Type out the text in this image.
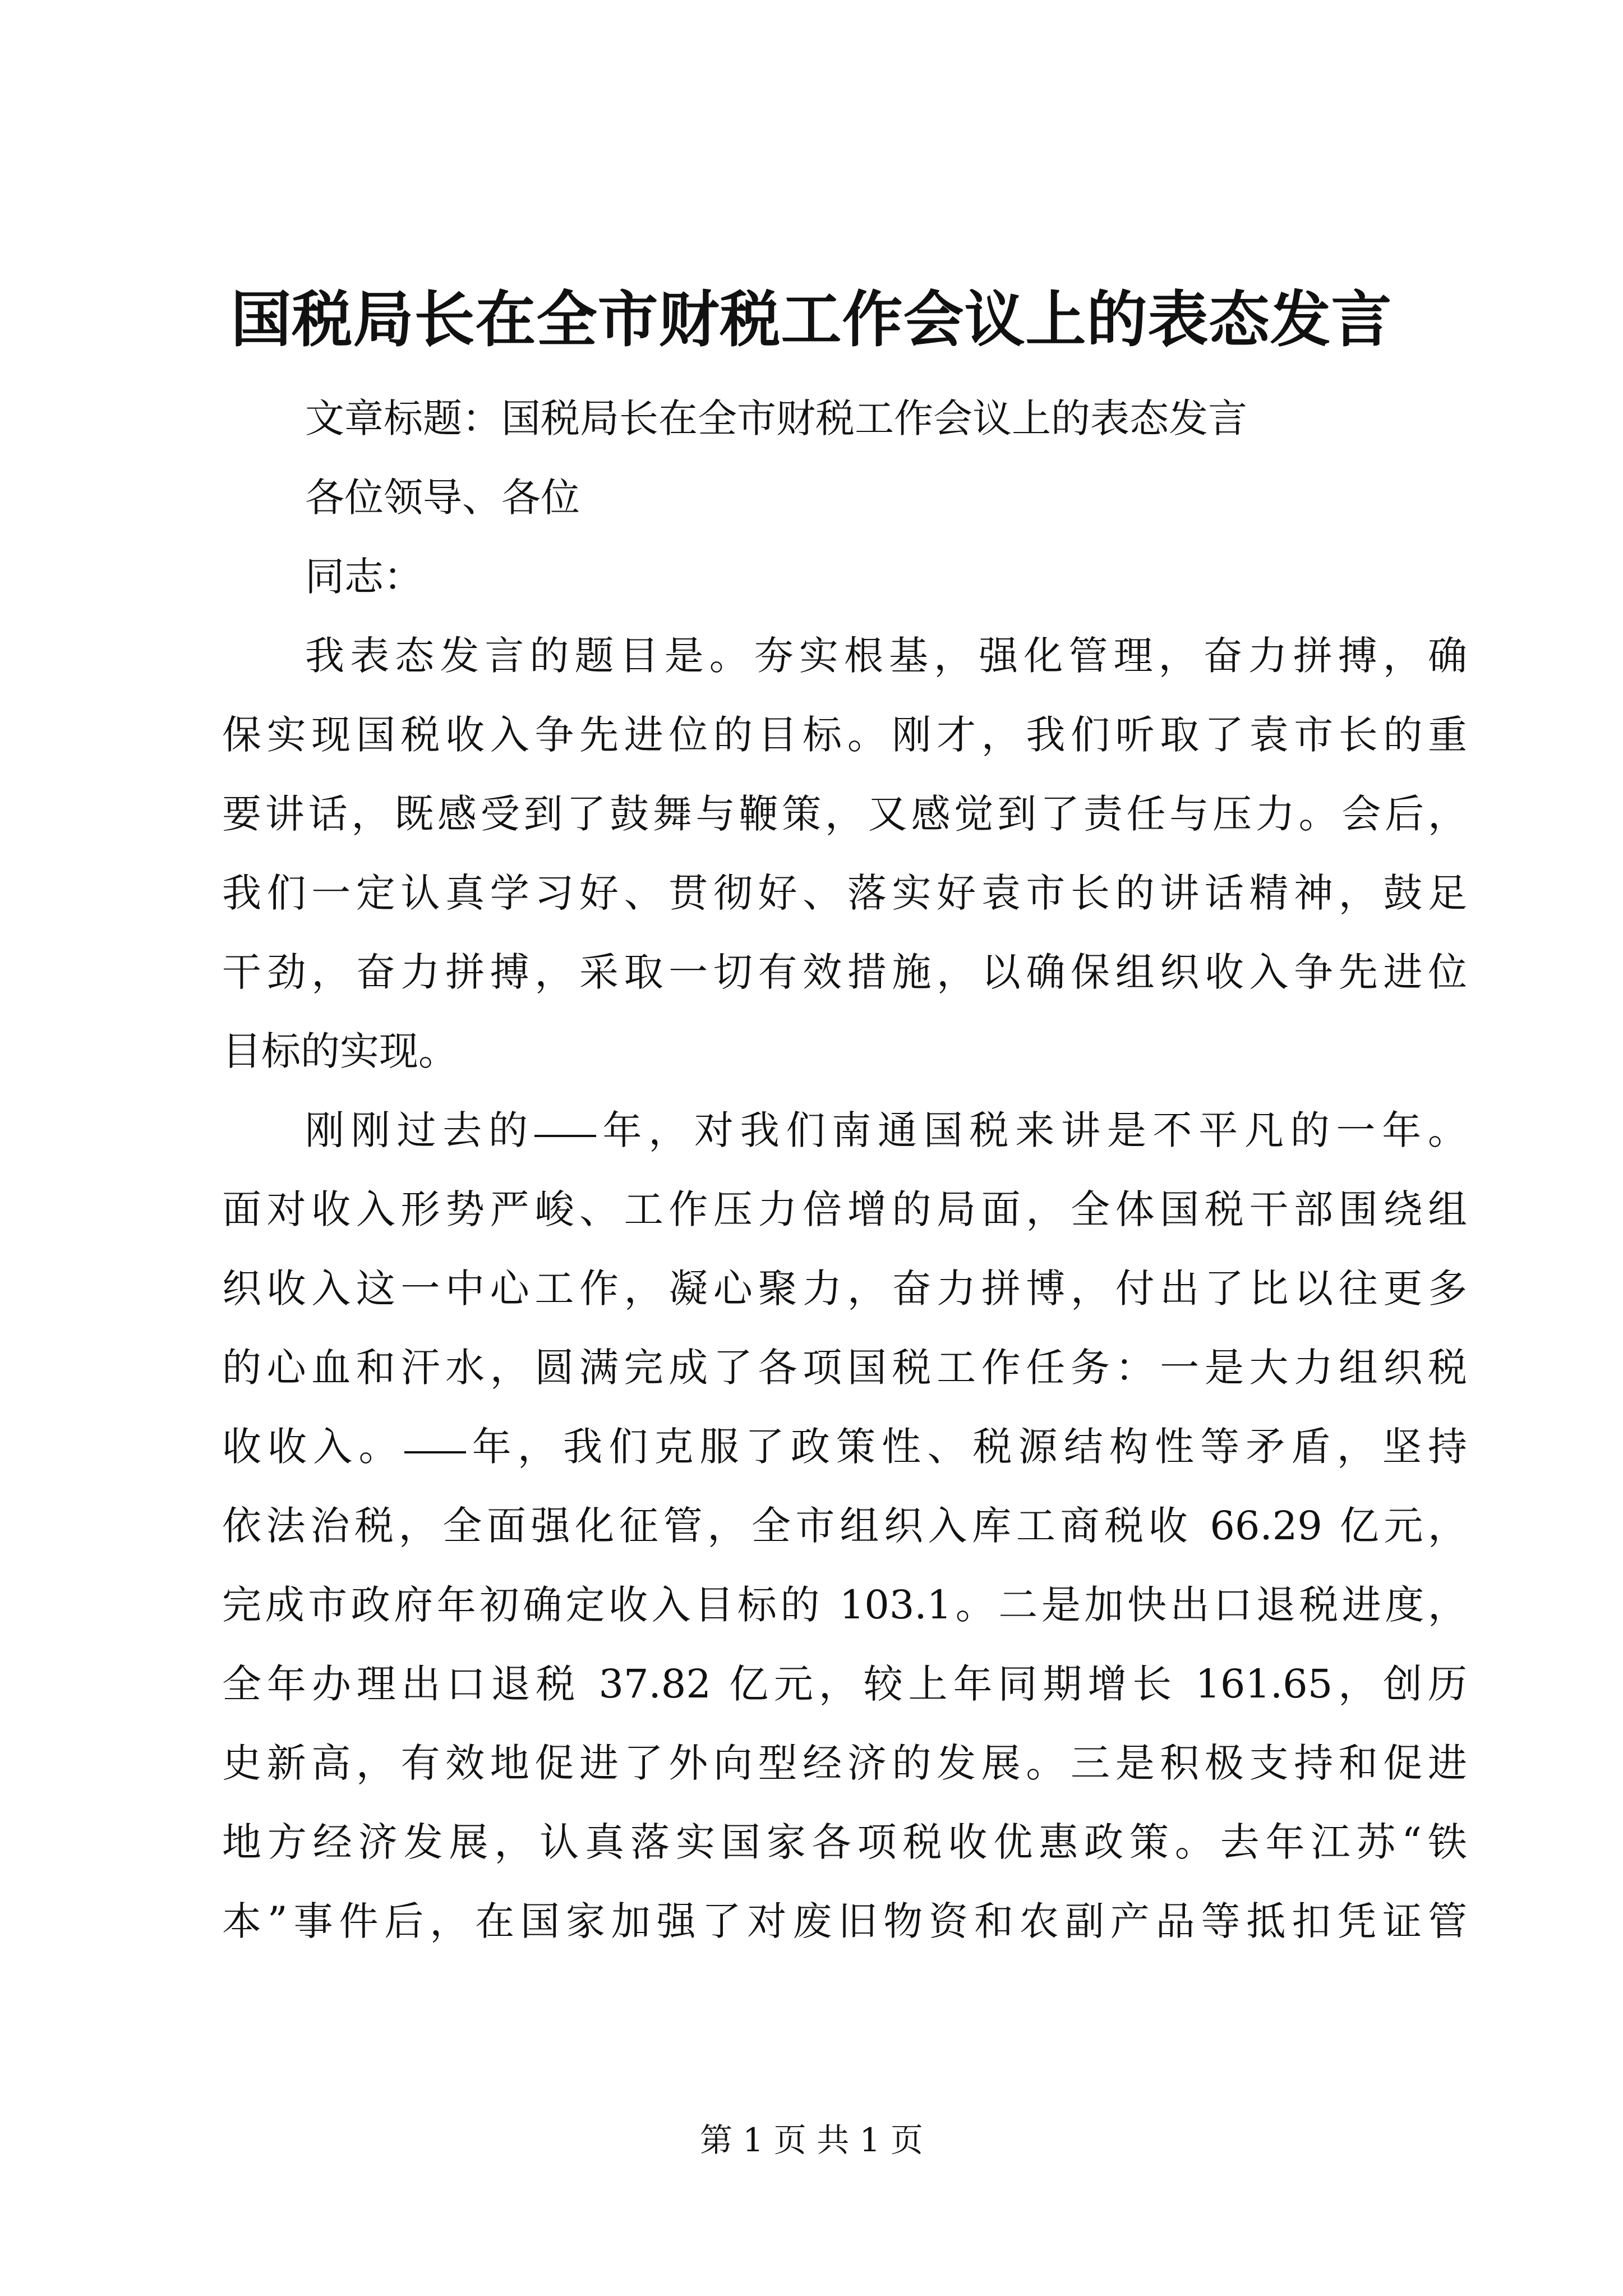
国税局长在全市财税工作会议上的表态发言
文章标题：国税局长在全市财税工作会议上的表态发言
各位领导、各位
同志：
我表态发言的题目是。夯实根基，强化管理，奋力拼搏，确
保实现国税收入争先进位的目标。刚才，我们听取了袁市长的重
要讲话，既感受到了鼓舞与鞭策，又感觉到了责任与压力。会后，
我们一定认真学习好、贯彻好、落实好袁市长的讲话精神，鼓足
干劲，奋力拼搏，采取一切有效措施，以确保组织收入争先进位
目标的实现。
刚刚过去的 年，对我们南通国税来讲是不平凡的一年。
面对收入形势严峻、工作压力倍增的局面，全体国税干部围绕组
织收入这一中心工作，凝心聚力，奋力拼博，付出了比以往更多
的心血和汗水，圆满完成了各项国税工作任务：一是大力组织税
收收入。 年，我们克服了政策性、税源结构性等矛盾，坚持
依法治税，全面强化征管，全市组织入库工商税收 66.29 亿元，
完成市政府年初确定收入目标的 103.1。二是加快出口退税进度，
全年办理出口退税 37.82 亿元，较上年同期增长 161.65，创历
史新高，有效地促进了外向型经济的发展。三是积极支持和促进
地方经济发展，认真落实国家各项税收优惠政策。去年江苏“铁
本”事件后，在国家加强了对废旧物资和农副产品等抵扣凭证管
第 1 页 共 1 页
